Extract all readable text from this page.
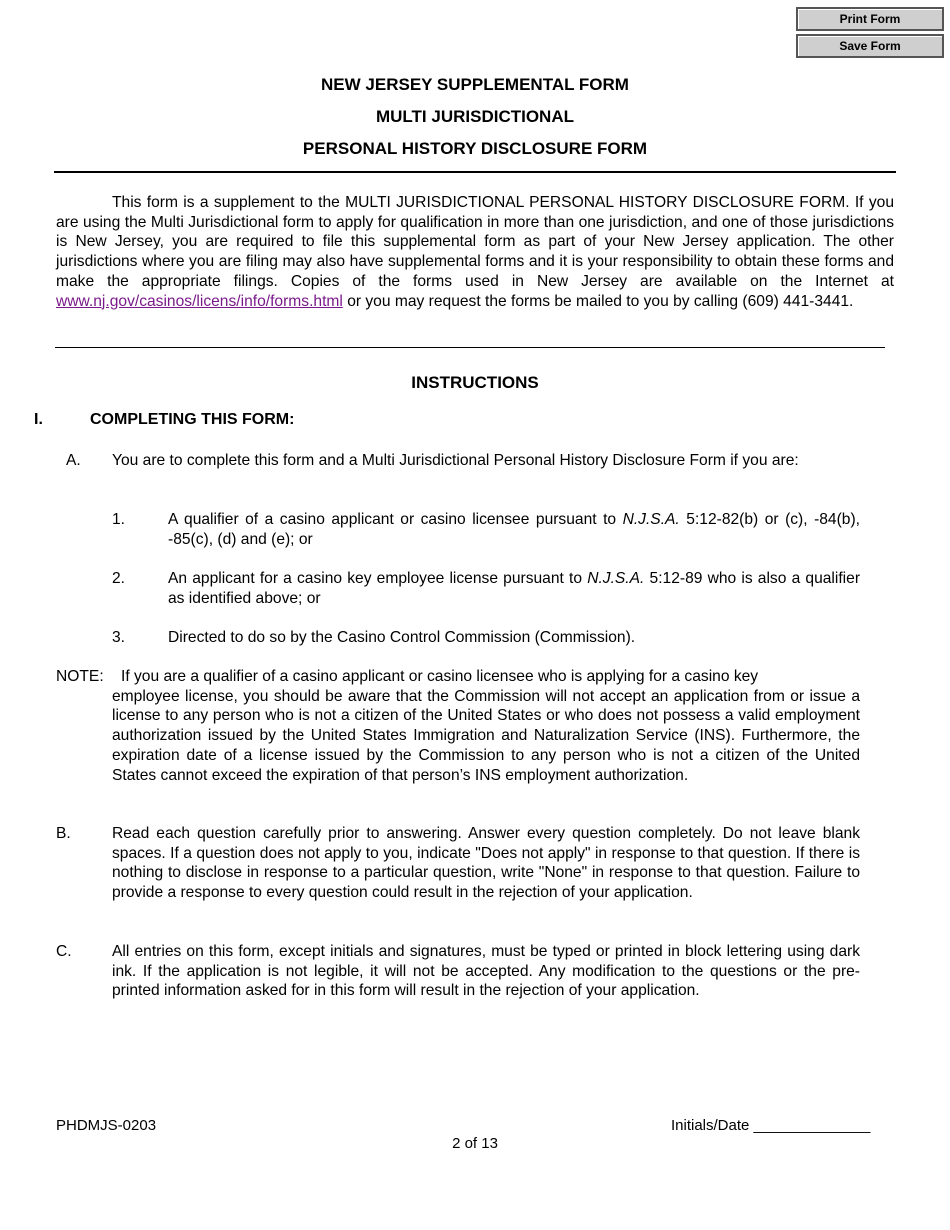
Print Form
Save Form
NEW JERSEY SUPPLEMENTAL FORM
MULTI JURISDICTIONAL
PERSONAL HISTORY DISCLOSURE FORM

This form is a supplement to the MULTI JURISDICTIONAL PERSONAL HISTORY DISCLOSURE FORM. If you are using the Multi Jurisdictional form to apply for qualification in more than one jurisdiction, and one of those jurisdictions is New Jersey, you are required to file this supplemental form as part of your New Jersey application. The other jurisdictions where you are filing may also have supplemental forms and it is your responsibility to obtain these forms and make the appropriate filings. Copies of the forms used in New Jersey are available on the Internet at www.nj.gov/casinos/licens/info/forms.html or you may request the forms be mailed to you by calling (609) 441-3441.

INSTRUCTIONS
I.	COMPLETING THIS FORM:
A. You are to complete this form and a Multi Jurisdictional Personal History Disclosure Form if you are:

1.	A qualifier of a casino applicant or casino licensee pursuant to N.J.S.A. 5:12-82(b) or (c), -84(b), -85(c), (d) and (e); or

2.	An applicant for a casino key employee license pursuant to N.J.S.A. 5:12-89 who is also a qualifier as identified above; or

3.	Directed to do so by the Casino Control Commission (Commission).

NOTE: If you are a qualifier of a casino applicant or casino licensee who is applying for a casino key

employee license, you should be aware that the Commission will not accept an application from or issue a license to any person who is not a citizen of the United States or who does not possess a valid employment authorization issued by the United States Immigration and Naturalization Service (INS). Furthermore, the expiration date of a license issued by the Commission to any person who is not a citizen of the United States cannot exceed the expiration of that person’s INS employment authorization.

B.	Read each question carefully prior to answering. Answer every question completely. Do not leave blank spaces. If a question does not apply to you, indicate "Does not apply" in response to that question. If there is nothing to disclose in response to a particular question, write "None" in response to that question. Failure to provide a response to every question could result in the rejection of your application.

C.	All entries on this form, except initials and signatures, must be typed or printed in block lettering using dark ink. If the application is not legible, it will not be accepted. Any modification to the questions or the pre-printed information asked for in this form will result in the rejection of your application.

PHDMJS-0203	Initials/Date ______________
2 of 13
